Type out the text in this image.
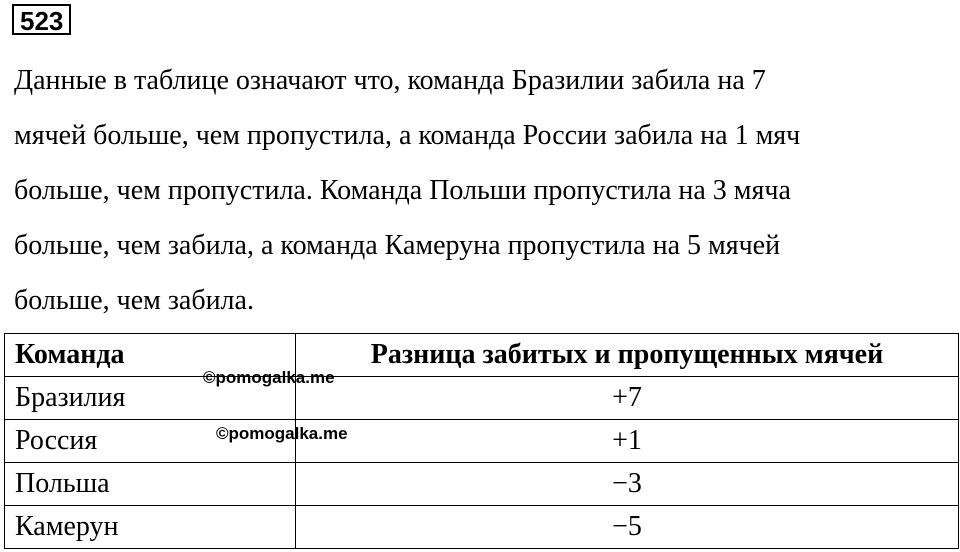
523

Данные в таблице означают что, команда Бразилии забила на 7
мячей больше, чем пропустила, а команда России забила на 1 мяч
больше, чем пропустила. Команда Польши пропустила на 3 мяча
больше, чем забила, а команда Камеруна пропустила на 5 мячей
больше, чем забила.

Команда	Разница забитых и пропущенных мячей
Бразилия	+7
Россия	+1
Польша	−3
Камерун	−5
©pomogalka.me
©pomogalka.me
